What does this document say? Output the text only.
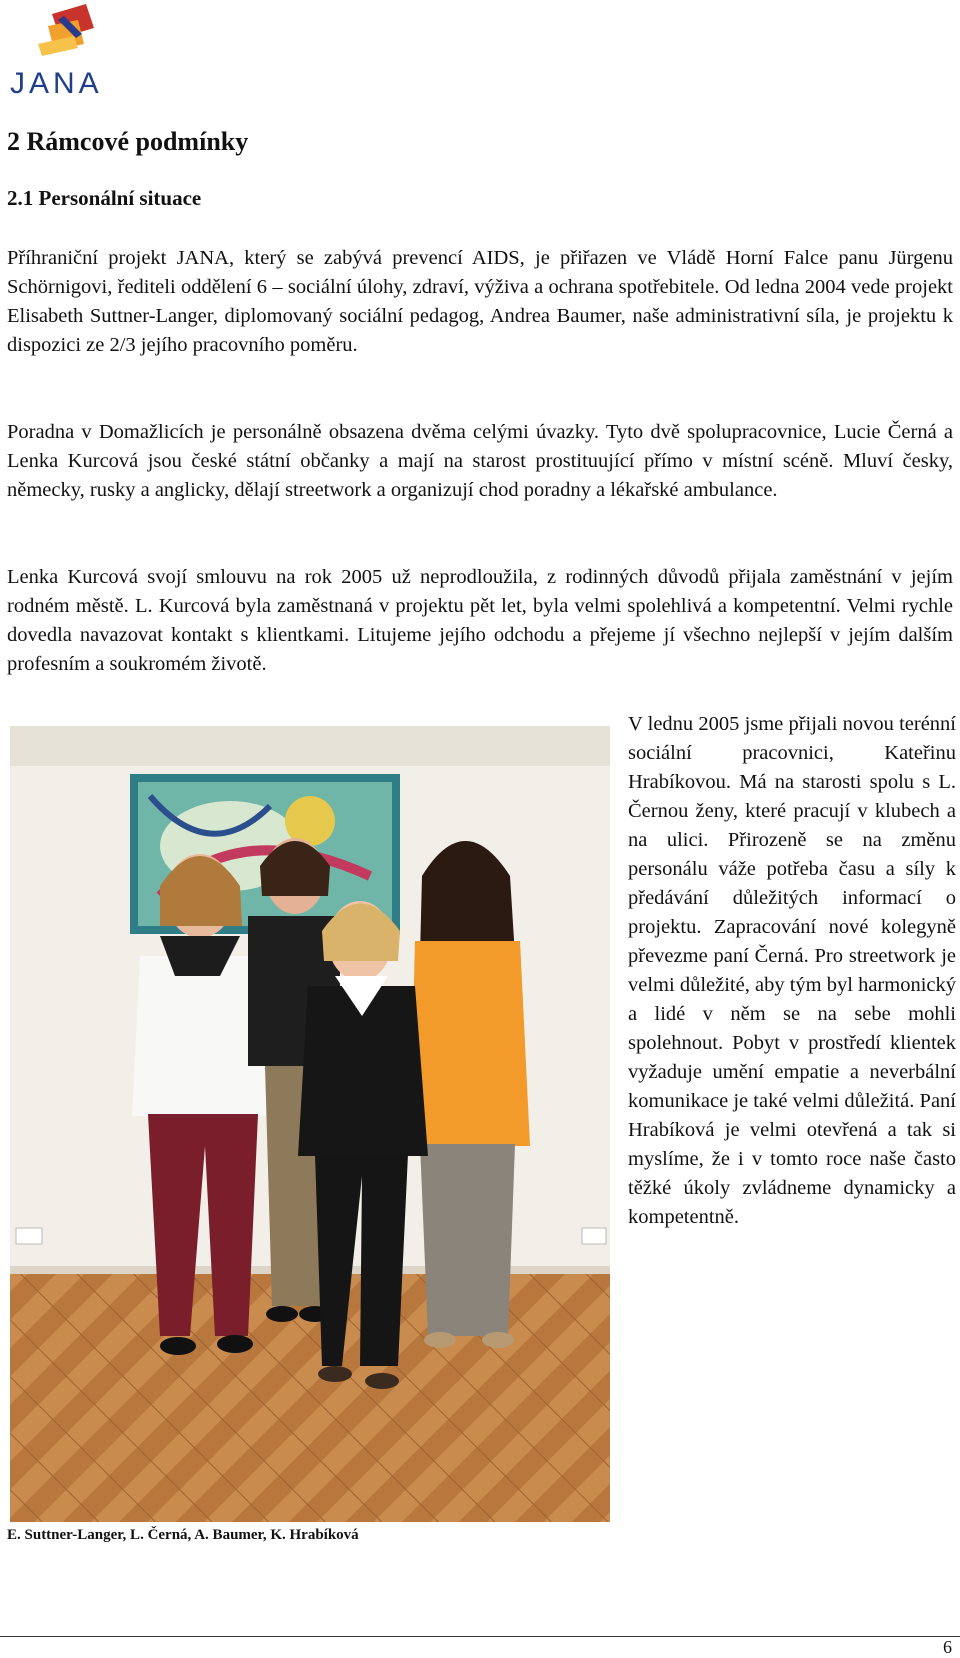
JANA
2 Rámcové podmínky
2.1 Personální situace

Příhraniční projekt JANA, který se zabývá prevencí AIDS, je přiřazen ve Vládě Horní Falce panu Jürgenu Schörnigovi, řediteli oddělení 6 – sociální úlohy, zdraví, výživa a ochrana spotřebitele. Od ledna 2004 vede projekt Elisabeth Suttner-Langer, diplomovaný sociální pedagog, Andrea Baumer, naše administrativní síla, je projektu k dispozici ze 2/3 jejího pracovního poměru.

Poradna v Domažlicích je personálně obsazena dvěma celými úvazky. Tyto dvě spolupracovnice, Lucie Černá a Lenka Kurcová jsou české státní občanky a mají na starost prostituující přímo v místní scéně. Mluví česky, německy, rusky a anglicky, dělají streetwork a organizují chod poradny a lékařské ambulance.

Lenka Kurcová svojí smlouvu na rok 2005 už neprodloužila, z rodinných důvodů přijala zaměstnání v jejím rodném městě. L. Kurcová byla zaměstnaná v projektu pět let, byla velmi spolehlivá a kompetentní. Velmi rychle dovedla navazovat kontakt s klientkami. Litujeme jejího odchodu a přejeme jí všechno nejlepší v jejím dalším profesním a soukromém životě.

V lednu 2005 jsme přijali novou terénní sociální pracovnici, Kateřinu Hrabíkovou. Má na starosti spolu s L. Černou ženy, které pracují v klubech a na ulici. Přirozeně se na změnu personálu váže potřeba času a síly k předávání důležitých informací o projektu. Zapracování nové kolegyně převezme paní Černá. Pro streetwork je velmi důležité, aby tým byl harmonický a lidé v něm se na sebe mohli spolehnout. Pobyt v prostředí klientek vyžaduje umění empatie a neverbální komunikace je také velmi důležitá. Paní Hrabíková je velmi otevřená a tak si myslíme, že i v tomto roce naše často těžké úkoly zvládneme dynamicky a kompetentně.

E. Suttner-Langer, L. Černá, A. Baumer, K. Hrabíková

6
